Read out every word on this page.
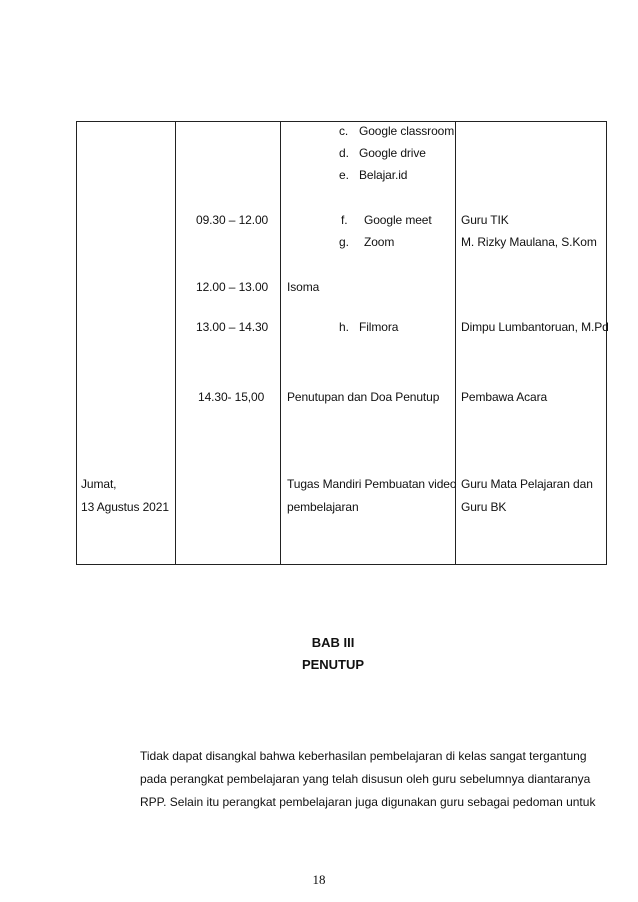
c. Google classroom
d. Google drive
e. Belajar.id
f. Google meet
g. Zoom
h. Filmora
09.30 – 12.00
12.00 – 13.00
13.00 – 14.30
14.30- 15,00
Isoma
Penutupan dan Doa Penutup
Tugas Mandiri Pembuatan video
pembelajaran
Guru TIK
M. Rizky Maulana, S.Kom
Dimpu Lumbantoruan, M.Pd
Pembawa Acara
Guru Mata Pelajaran dan
Guru BK
Jumat,
13 Agustus 2021
BAB III
PENUTUP
Tidak dapat disangkal bahwa keberhasilan pembelajaran di kelas sangat tergantung
pada perangkat pembelajaran yang telah disusun oleh guru sebelumnya diantaranya
RPP. Selain itu perangkat pembelajaran juga digunakan guru sebagai pedoman untuk
18
